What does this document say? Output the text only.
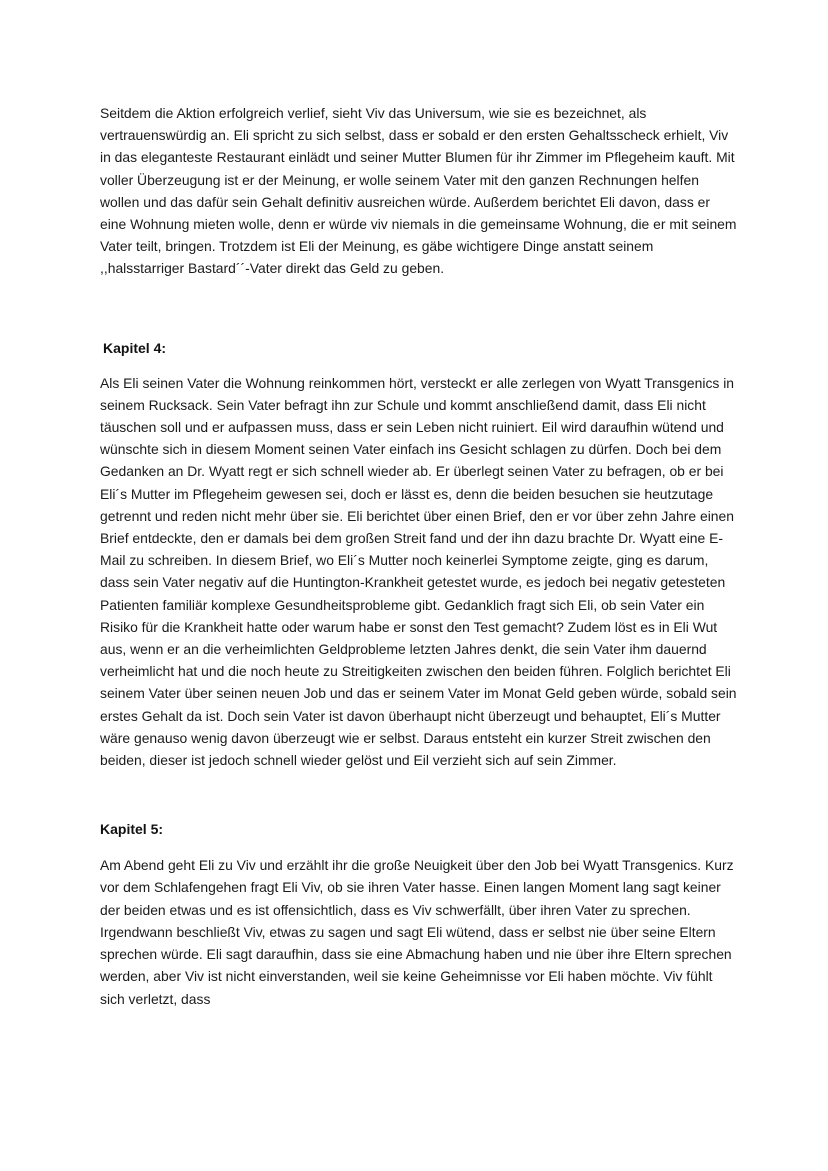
Seitdem die Aktion erfolgreich verlief, sieht Viv das Universum, wie sie es bezeichnet, als vertrauenswürdig an. Eli spricht zu sich selbst, dass er sobald er den ersten Gehaltsscheck erhielt, Viv in das eleganteste Restaurant einlädt und seiner Mutter Blumen für ihr Zimmer im Pflegeheim kauft. Mit voller Überzeugung ist er der Meinung, er wolle seinem Vater mit den ganzen Rechnungen helfen wollen und das dafür sein Gehalt definitiv ausreichen würde. Außerdem berichtet Eli davon, dass er eine Wohnung mieten wolle, denn er würde viv niemals in die gemeinsame Wohnung, die er mit seinem Vater teilt, bringen. Trotzdem ist Eli der Meinung, es gäbe wichtigere Dinge anstatt seinem ,,halsstarriger Bastard´´-Vater direkt das Geld zu geben.

Kapitel 4:

Als Eli seinen Vater die Wohnung reinkommen hört, versteckt er alle zerlegen von Wyatt Transgenics in seinem Rucksack. Sein Vater befragt ihn zur Schule und kommt anschließend damit, dass Eli nicht täuschen soll und er aufpassen muss, dass er sein Leben nicht ruiniert. Eil wird daraufhin wütend und wünschte sich in diesem Moment seinen Vater einfach ins Gesicht schlagen zu dürfen. Doch bei dem Gedanken an Dr. Wyatt regt er sich schnell wieder ab. Er überlegt seinen Vater zu befragen, ob er bei Eli´s Mutter im Pflegeheim gewesen sei, doch er lässt es, denn die beiden besuchen sie heutzutage getrennt und reden nicht mehr über sie. Eli berichtet über einen Brief, den er vor über zehn Jahre einen Brief entdeckte, den er damals bei dem großen Streit fand und der ihn dazu brachte Dr. Wyatt eine E-Mail zu schreiben. In diesem Brief, wo Eli´s Mutter noch keinerlei Symptome zeigte, ging es darum, dass sein Vater negativ auf die Huntington-Krankheit getestet wurde, es jedoch bei negativ getesteten Patienten familiär komplexe Gesundheitsprobleme gibt. Gedanklich fragt sich Eli, ob sein Vater ein Risiko für die Krankheit hatte oder warum habe er sonst den Test gemacht? Zudem löst es in Eli Wut aus, wenn er an die verheimlichten Geldprobleme letzten Jahres denkt, die sein Vater ihm dauernd verheimlicht hat und die noch heute zu Streitigkeiten zwischen den beiden führen. Folglich berichtet Eli seinem Vater über seinen neuen Job und das er seinem Vater im Monat Geld geben würde, sobald sein erstes Gehalt da ist. Doch sein Vater ist davon überhaupt nicht überzeugt und behauptet, Eli´s Mutter wäre genauso wenig davon überzeugt wie er selbst. Daraus entsteht ein kurzer Streit zwischen den beiden, dieser ist jedoch schnell wieder gelöst und Eil verzieht sich auf sein Zimmer.

Kapitel 5:

Am Abend geht Eli zu Viv und erzählt ihr die große Neuigkeit über den Job bei Wyatt Transgenics. Kurz vor dem Schlafengehen fragt Eli Viv, ob sie ihren Vater hasse. Einen langen Moment lang sagt keiner der beiden etwas und es ist offensichtlich, dass es Viv schwerfällt, über ihren Vater zu sprechen. Irgendwann beschließt Viv, etwas zu sagen und sagt Eli wütend, dass er selbst nie über seine Eltern sprechen würde. Eli sagt daraufhin, dass sie eine Abmachung haben und nie über ihre Eltern sprechen werden, aber Viv ist nicht einverstanden, weil sie keine Geheimnisse vor Eli haben möchte. Viv fühlt sich verletzt, dass
